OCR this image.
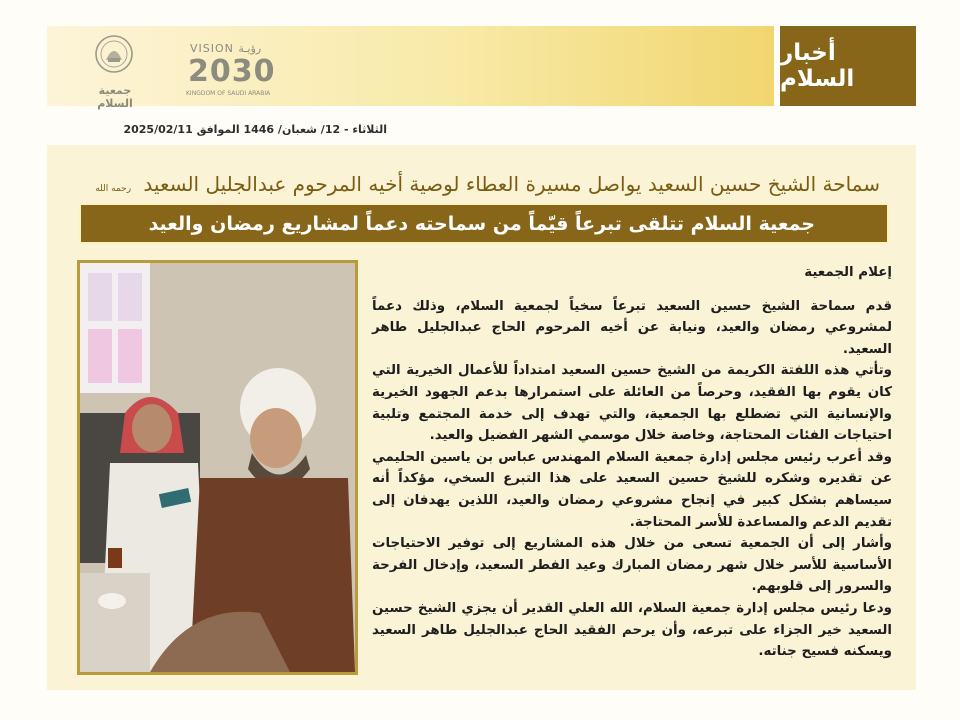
أخبار السلام
جمعية السلام
VISION رؤيـة
2030
KINGDOM OF SAUDI ARABIA
الثلاثاء - 12/ شعبان/ 1446 الموافق 2025/02/11
سماحة الشيخ حسين السعيد يواصل مسيرة العطاء لوصية أخيه المرحوم عبدالجليل السعيد رحمه الله
جمعية السلام تتلقى تبرعاً قيّماً من سماحته دعماً لمشاريع رمضان والعيد
إعلام الجمعية

قدم سماحة الشيخ حسين السعيد تبرعاً سخياً لجمعية السلام، وذلك دعماً لمشروعي رمضان والعيد، ونيابة عن أخيه المرحوم الحاج عبدالجليل طاهر السعيد.

وتأتي هذه اللفتة الكريمة من الشيخ حسين السعيد امتداداً للأعمال الخيرية التي كان يقوم بها الفقيد، وحرصاً من العائلة على استمرارها بدعم الجهود الخيرية والإنسانية التي تضطلع بها الجمعية، والتي تهدف إلى خدمة المجتمع وتلبية احتياجات الفئات المحتاجة، وخاصة خلال موسمي الشهر الفضيل والعيد.

وقد أعرب رئيس مجلس إدارة جمعية السلام المهندس عباس بن ياسين الحليمي عن تقديره وشكره للشيخ حسين السعيد على هذا التبرع السخي، مؤكداً أنه سيساهم بشكل كبير في إنجاح مشروعي رمضان والعيد، اللذين يهدفان إلى تقديم الدعم والمساعدة للأسر المحتاجة.

وأشار إلى أن الجمعية تسعى من خلال هذه المشاريع إلى توفير الاحتياجات الأساسية للأسر خلال شهر رمضان المبارك وعيد الفطر السعيد، وإدخال الفرحة والسرور إلى قلوبهم.

ودعا رئيس مجلس إدارة جمعية السلام، الله العلي القدير أن يجزي الشيخ حسين السعيد خير الجزاء على تبرعه، وأن يرحم الفقيد الحاج عبدالجليل طاهر السعيد ويسكنه فسيح جناته.
